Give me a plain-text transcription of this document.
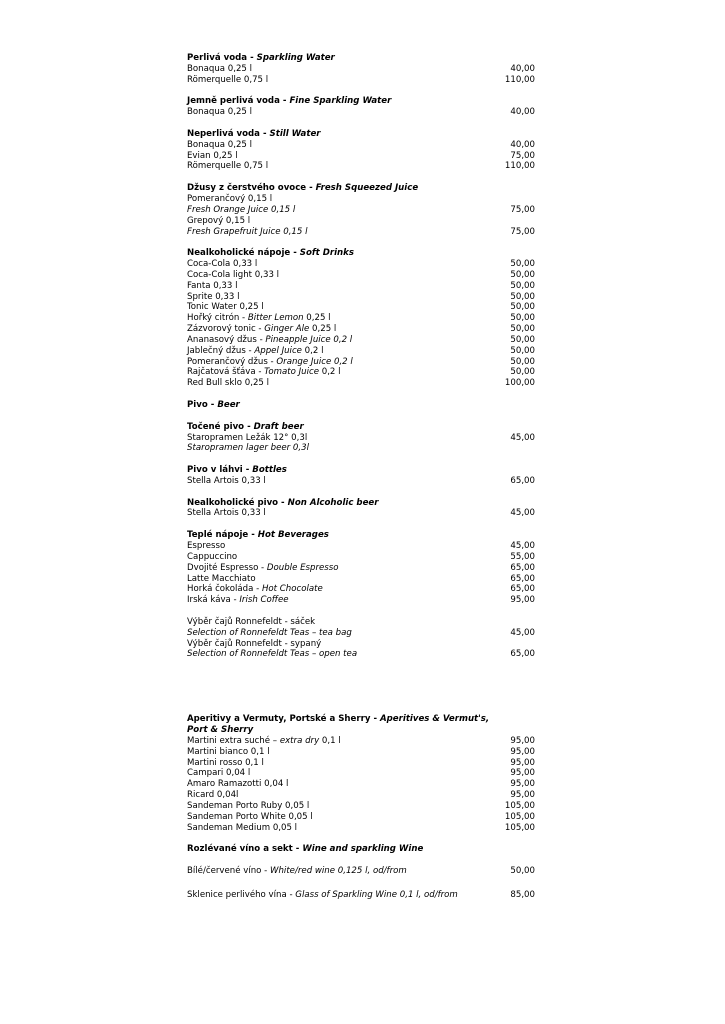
Perlivá voda - Sparkling Water
Bonaqua 0,25 l	40,00
Römerquelle 0,75 l	110,00
Jemně perlivá voda - Fine Sparkling Water
Bonaqua 0,25 l	40,00
Neperlivá voda - Still Water
Bonaqua 0,25 l	40,00
Evian 0,25 l	75,00
Römerquelle 0,75 l	110,00
Džusy z čerstvého ovoce - Fresh Squeezed Juice
Pomerančový 0,15 l
Fresh Orange Juice 0,15 l	75,00
Grepový 0,15 l
Fresh Grapefruit Juice 0,15 l	75,00
Nealkoholické nápoje - Soft Drinks
Coca-Cola 0,33 l	50,00
Coca-Cola light 0,33 l	50,00
Fanta 0,33 l	50,00
Sprite 0,33 l	50,00
Tonic Water 0,25 l	50,00
Hořký citrón - Bitter Lemon 0,25 l	50,00
Zázvorový tonic - Ginger Ale 0,25 l	50,00
Ananasový džus - Pineapple Juice 0,2 l	50,00
Jablečný džus - Appel Juice 0,2 l	50,00
Pomerančový džus - Orange Juice 0,2 l	50,00
Rajčatová šťáva - Tomato Juice 0,2 l	50,00
Red Bull sklo 0,25 l	100,00
Pivo - Beer
Točené pivo - Draft beer
Staropramen Ležák 12° 0,3l	45,00
Staropramen lager beer 0,3l
Pivo v láhvi - Bottles
Stella Artois 0,33 l	65,00
Nealkoholické pivo - Non Alcoholic beer
Stella Artois 0,33 l	45,00
Teplé nápoje - Hot Beverages
Espresso	45,00
Cappuccino	55,00
Dvojité Espresso - Double Espresso	65,00
Latte Macchiato	65,00
Horká čokoláda - Hot Chocolate	65,00
Irská káva - Irish Coffee	95,00
Výběr čajů Ronnefeldt - sáček
Selection of Ronnefeldt Teas – tea bag	45,00
Výběr čajů Ronnefeldt - sypaný
Selection of Ronnefeldt Teas – open tea	65,00
Aperitivy a Vermuty, Portské a Sherry - Aperitives & Vermut's,
Port & Sherry
Martini extra suché – extra dry 0,1 l	95,00
Martini bianco 0,1 l	95,00
Martini rosso 0,1 l	95,00
Campari 0,04 l	95,00
Amaro Ramazotti 0,04 l	95,00
Ricard 0,04l	95,00
Sandeman Porto Ruby 0,05 l	105,00
Sandeman Porto White 0,05 l	105,00
Sandeman Medium 0,05 l	105,00
Rozlévané víno a sekt - Wine and sparkling Wine
Bílé/červené víno - White/red wine 0,125 l, od/from	50,00
Sklenice perlivého vína - Glass of Sparkling Wine 0,1 l, od/from	85,00
